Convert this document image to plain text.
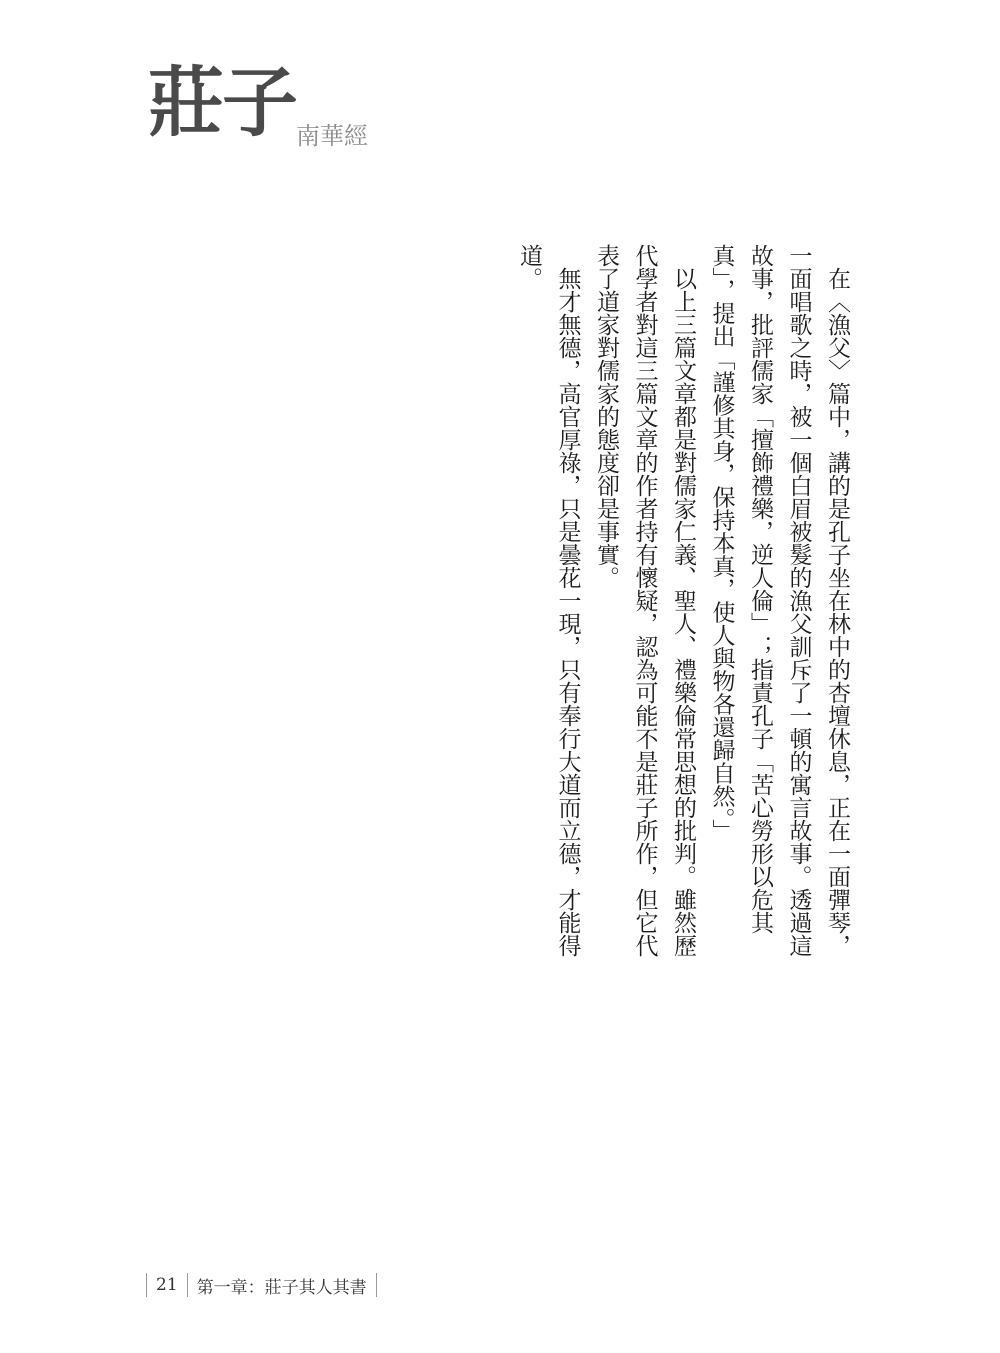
莊子南華經

在〈漁父〉篇中，講的是孔子坐在林中的杏壇休息，正在一面彈琴，一面唱歌之時，被一個白眉被髮的漁父訓斥了一頓的寓言故事。透過這故事，批評儒家「擅飾禮樂，逆人倫」；指責孔子「苦心勞形以危其真」，提出「謹修其身，保持本真，使人與物各還歸自然。」

以上三篇文章都是對儒家仁義、聖人、禮樂倫常思想的批判。雖然歷代學者對這三篇文章的作者持有懷疑，認為可能不是莊子所作，但它代表了道家對儒家的態度卻是事實。

無才無德，高官厚祿，只是曇花一現，只有奉行大道而立德，才能得道。

21	第一章：莊子其人其書
